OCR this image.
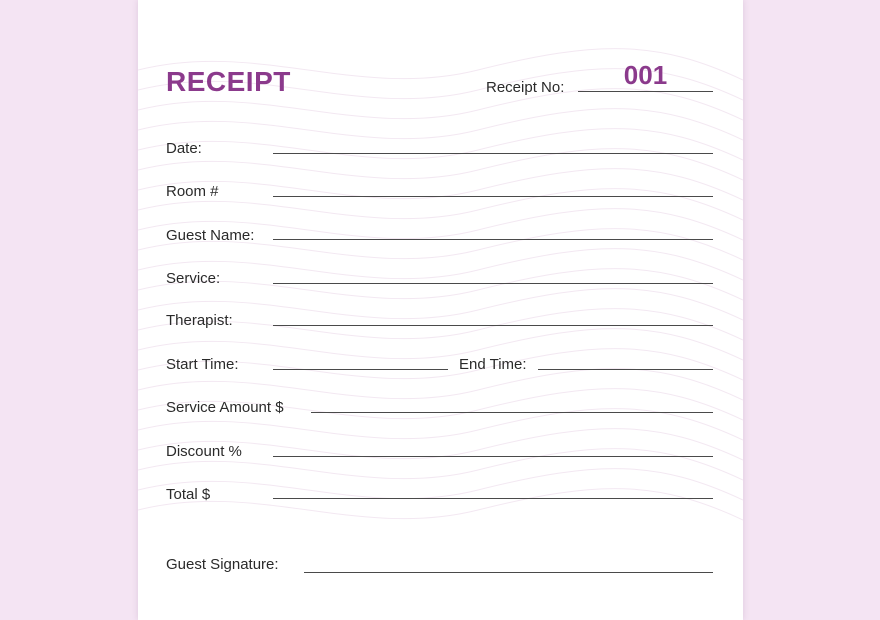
RECEIPT	Receipt No:	001
Date:
Room #
Guest Name:
Service:
Therapist:
Start Time:	End Time:
Service Amount $
Discount %
Total $
Guest Signature:
